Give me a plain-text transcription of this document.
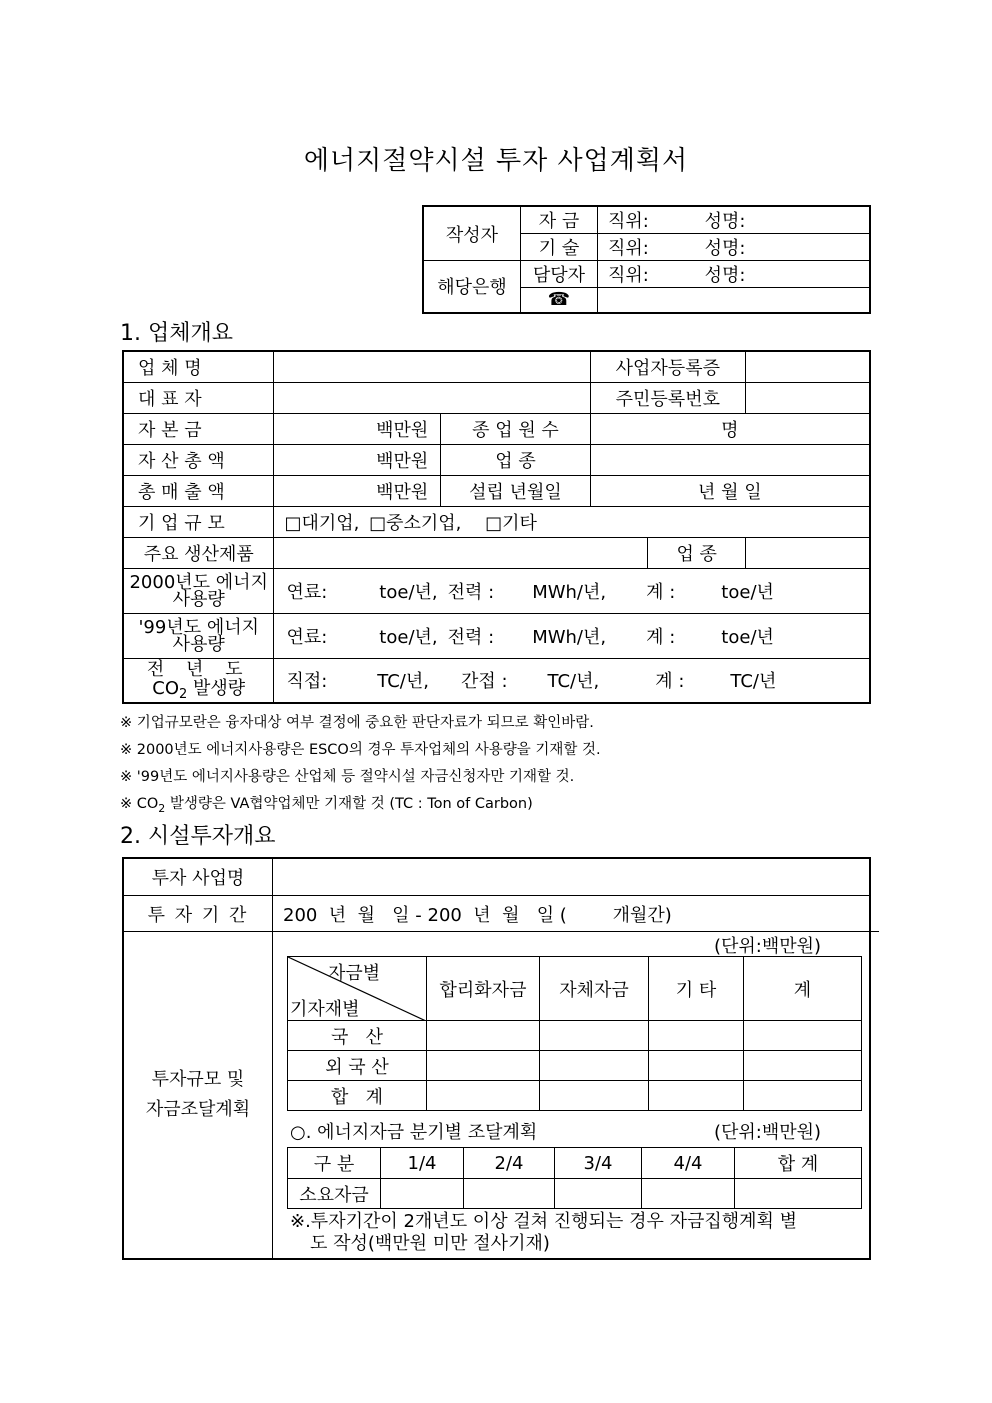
에너지절약시설 투자 사업계획서
작성자	자 금	직위: 성명:
	기 술	직위: 성명:
해당은행	담당자	직위: 성명:
	☎	
1. 업체개요
업 체 명			사업자등록증		

대 표 자			주민등록번호		

자 본 금	백만원	종 업 원 수	명		

자 산 총 액	백만원	업 종			

총 매 출 액	백만원	설립 년월일	년 월 일		

기 업 규 모	□대기업, □중소기업, □기타				
주요 생산제품				업 종	

2000년도 에너지
사용량	연료: toe/년, 전력 : MWh/년, 계 : toe/년				

'99년도 에너지
사용량	연료: toe/년, 전력 : MWh/년, 계 : toe/년				

전 년 도
$CO_2$ 발생량	직접: TC/년, 간접 : TC/년, 계 : TC/년				
※ 기업규모란은 융자대상 여부 결정에 중요한 판단자료가 되므로 확인바람.
※ 2000년도 에너지사용량은 ESCO의 경우 투자업체의 사용량을 기재할 것.
※ '99년도 에너지사용량은 산업체 등 절약시설 자금신청자만 기재할 것.
※ $CO_2$ 발생량은 VA협약업체만 기재할 것 (TC : Ton of Carbon)
2. 시설투자개요
투자 사업명
투 자 기 간	200  년  월   일 - 200  년  월   일 (        개월간)
투자규모 및
자금조달계획
(단위:백만원)
자금별
기자재별	합리화자금	자체자금	기 타	계
국   산				
외 국 산				
합   계				
○. 에너지자금 분기별 조달계획	(단위:백만원)
구 분	1/4	2/4	3/4	4/4	합 계
소요자금					
※.투자기간이 2개년도 이상 걸쳐 진행되는 경우 자금집행계획 별
도 작성(백만원 미만 절사기재)
